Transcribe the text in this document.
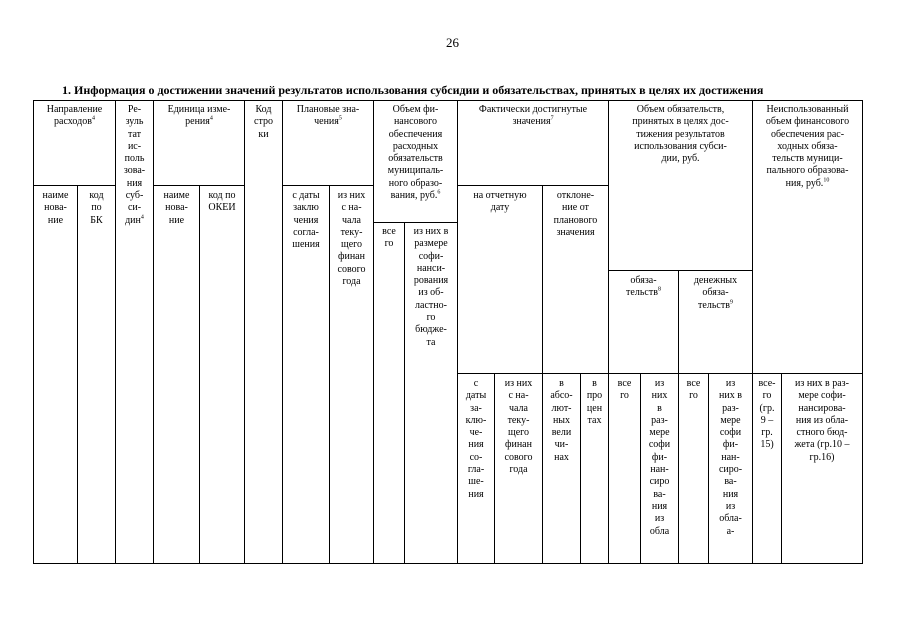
26
1. Информация о достижении значений результатов использования субсидии и обязательствах, принятых в целях их достижения
Направление
расходов$^4$
наиме
нова-
ние
код
по
БК
Ре-
зуль
тат
ис-
поль
зова-
ния
суб-
си-
дин$^4$
Единица изме-
рения$^4$
наиме
нова-
ние
код по
ОКЕИ
Код
стро
ки
Плановые зна-
чения$^5$
с даты
заклю
чения
согла-
шения
из них
с на-
чала
теку-
щего
финан
сового
года
Объем фи-
нансового
обеспечения
расходных
обязательств
муниципаль-
ного образо-
вания, руб.$^6$
все
го
из них в
размере
софи-
нанси-
рования
из об-
ластно-
го
бюдже-
та
Фактически достигнутые
значения$^7$
на отчетную
дату
отклоне-
ние от
планового
значения
с
даты
за-
клю-
че-
ния
со-
гла-
ше-
ния
из них
с на-
чала
теку-
щего
финан
сового
года
в
абсо-
лют-
ных
вели
чи-
нах
в
про
цен
тах
Объем обязательств,
принятых в целях дос-
тижения результатов
использования субси-
дии, руб.
обяза-
тельств$^8$
денежных
обяза-
тельств$^9$
все
го
из
них
в
раз-
мере
софи
фи-
нан-
сиро
ва-
ния
из
обла
все
го
из
них в
раз-
мере
софи
фи-
нан-
сиро-
ва-
ния
из
обла-
а-
Неиспользованный
объем финансового
обеспечения рас-
ходных обяза-
тельств муници-
пального образова-
ния, руб.$^{10}$
все-
го
(гр.
9 –
гр.
15)
из них в раз-
мере софи-
нансирова-
ния из обла-
стного бюд-
жета (гр.10 –
гр.16)
